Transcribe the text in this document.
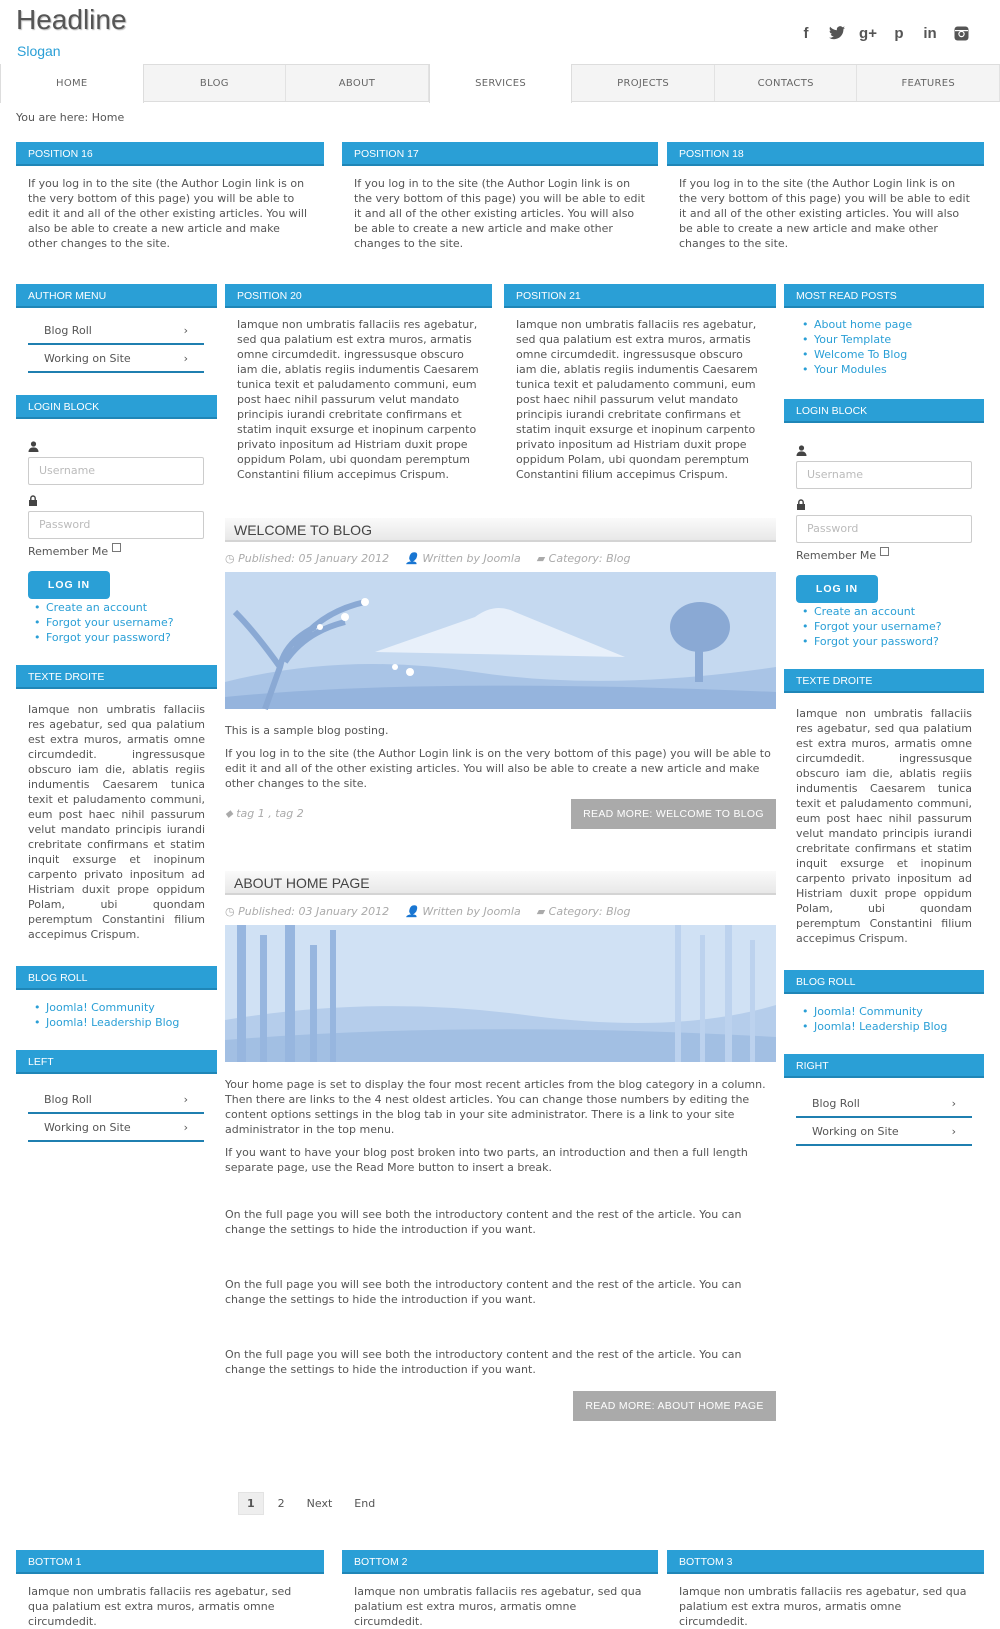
Headline
Slogan
f	g+ p in
HOME	BLOG	ABOUT	SERVICES	PROJECTS	CONTACTS	FEATURES
You are here: Home
POSITION 16
If you log in to the site (the Author Login link is on the very bottom of this page) you will be able to edit it and all of the other existing articles. You will also be able to create a new article and make other changes to the site.
POSITION 17
If you log in to the site (the Author Login link is on the very bottom of this page) you will be able to edit it and all of the other existing articles. You will also be able to create a new article and make other changes to the site.
POSITION 18
If you log in to the site (the Author Login link is on the very bottom of this page) you will be able to edit it and all of the other existing articles. You will also be able to create a new article and make other changes to the site.
AUTHOR MENU
Blog Roll	›
Working on Site	›
LOGIN BLOCK
Username
Password
Remember Me
LOG IN
• Create an account
• Forgot your username?
• Forgot your password?
TEXTE DROITE
Iamque non umbratis fallaciis res agebatur, sed qua palatium est extra muros, armatis omne circumdedit. ingressusque obscuro iam die, ablatis regiis indumentis Caesarem tunica texit et paludamento communi, eum post haec nihil passurum velut mandato principis iurandi crebritate confirmans et statim inquit exsurge et inopinum carpento privato inpositum ad Histriam duxit prope oppidum Polam, ubi quondam peremptum Constantini filium accepimus Crispum.
BLOG ROLL
• Joomla! Community
• Joomla! Leadership Blog
LEFT
Blog Roll	›
Working on Site	›
POSITION 20
Iamque non umbratis fallaciis res agebatur, sed qua palatium est extra muros, armatis omne circumdedit. ingressusque obscuro iam die, ablatis regiis indumentis Caesarem tunica texit et paludamento communi, eum post haec nihil passurum velut mandato principis iurandi crebritate confirmans et statim inquit exsurge et inopinum carpento privato inpositum ad Histriam duxit prope oppidum Polam, ubi quondam peremptum Constantini filium accepimus Crispum.
POSITION 21
Iamque non umbratis fallaciis res agebatur, sed qua palatium est extra muros, armatis omne circumdedit. ingressusque obscuro iam die, ablatis regiis indumentis Caesarem tunica texit et paludamento communi, eum post haec nihil passurum velut mandato principis iurandi crebritate confirmans et statim inquit exsurge et inopinum carpento privato inpositum ad Histriam duxit prope oppidum Polam, ubi quondam peremptum Constantini filium accepimus Crispum.
WELCOME TO BLOG
◷ Published: 05 January 2012 👤 Written by Joomla ▰ Category: Blog
This is a sample blog posting.
If you log in to the site (the Author Login link is on the very bottom of this page) you will be able to edit it and all of the other existing articles. You will also be able to create a new article and make other changes to the site.
⬥ tag 1 , tag 2	READ MORE: WELCOME TO BLOG
ABOUT HOME PAGE
◷ Published: 03 January 2012 👤 Written by Joomla ▰ Category: Blog
Your home page is set to display the four most recent articles from the blog category in a column. Then there are links to the 4 nest oldest articles. You can change those numbers by editing the content options settings in the blog tab in your site administrator. There is a link to your site administrator in the top menu.
If you want to have your blog post broken into two parts, an introduction and then a full length separate page, use the Read More button to insert a break.
On the full page you will see both the introductory content and the rest of the article. You can change the settings to hide the introduction if you want.
On the full page you will see both the introductory content and the rest of the article. You can change the settings to hide the introduction if you want.
On the full page you will see both the introductory content and the rest of the article. You can change the settings to hide the introduction if you want.
READ MORE: ABOUT HOME PAGE
1	2	Next	End
MOST READ POSTS
• About home page
• Your Template
• Welcome To Blog
• Your Modules
LOGIN BLOCK
Username
Password
Remember Me
LOG IN
• Create an account
• Forgot your username?
• Forgot your password?
TEXTE DROITE
Iamque non umbratis fallaciis res agebatur, sed qua palatium est extra muros, armatis omne circumdedit. ingressusque obscuro iam die, ablatis regiis indumentis Caesarem tunica texit et paludamento communi, eum post haec nihil passurum velut mandato principis iurandi crebritate confirmans et statim inquit exsurge et inopinum carpento privato inpositum ad Histriam duxit prope oppidum Polam, ubi quondam peremptum Constantini filium accepimus Crispum.
BLOG ROLL
• Joomla! Community
• Joomla! Leadership Blog
RIGHT
Blog Roll	›
Working on Site	›
BOTTOM 1
Iamque non umbratis fallaciis res agebatur, sed qua palatium est extra muros, armatis omne circumdedit.
BOTTOM 2
Iamque non umbratis fallaciis res agebatur, sed qua palatium est extra muros, armatis omne circumdedit.
BOTTOM 3
Iamque non umbratis fallaciis res agebatur, sed qua palatium est extra muros, armatis omne circumdedit.
